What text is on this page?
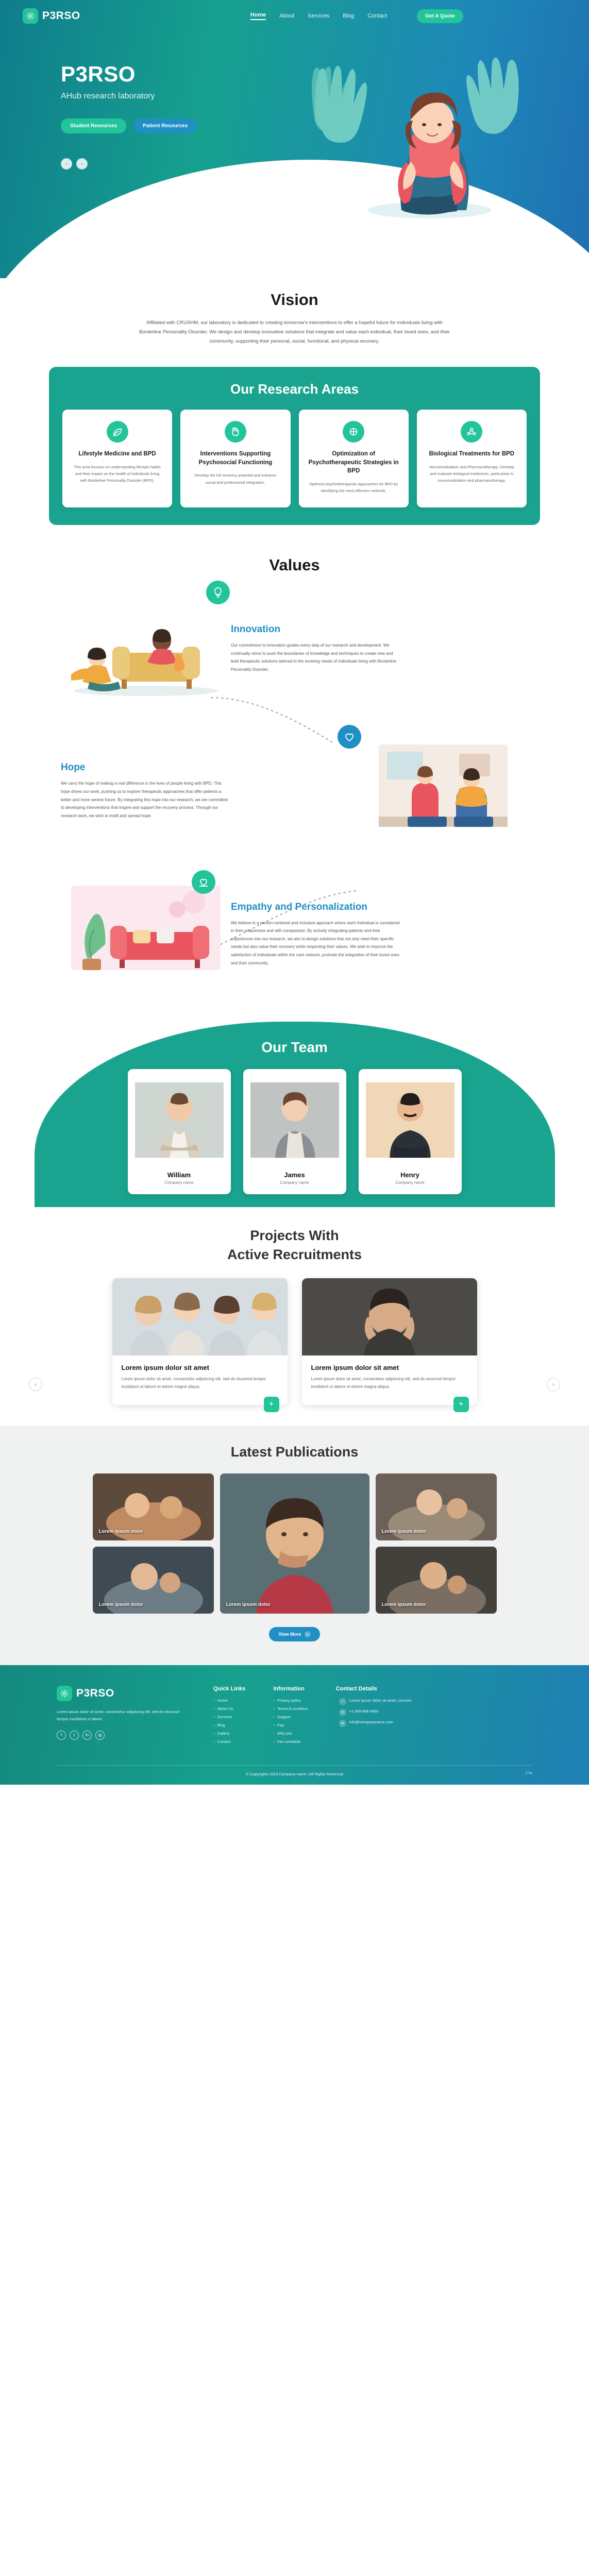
P3RSO	Home About Services Blog Contact	Get A Quote
P3RSO
AHub research laboratory
Student Resources	Patient Resources
‹	›
Vision

Affiliated with CRUSHM, our laboratory is dedicated to creating tomorrow's interventions to offer a hopeful future for individuals living with Borderline Personality Disorder. We design and develop innovative solutions that integrate and value each individual, their loved ones, and their community, supporting their personal, social, functional, and physical recovery.

Our Research Areas
Lifestyle Medicine and BPD

This area focuses on understanding lifestyle habits and their impact on the health of individuals living with Borderline Personality Disorder (BPD).

Interventions Supporting Psychosocial Functioning

Develop the full recovery potential and enhance social and professional integration.

Optimization of Psychotherapeutic Strategies in BPD

Optimize psychotherapeutic approaches for BPD by identifying the most effective methods.

Biological Treatments for BPD

Neuromodulation and Pharmacotherapy. Develop and evaluate biological treatments, particularly in neuromodulation and pharmacotherapy.

Values
Innovation

Our commitment to innovation guides every step of our research and development. We continually strive to push the boundaries of knowledge and techniques to create new and bold therapeutic solutions tailored to the evolving needs of individuals living with Borderline Personality Disorder.

Hope

We carry the hope of making a real difference in the lives of people living with BPD. This hope drives our work, pushing us to explore therapeutic approaches that offer patients a better and more serene future. By integrating this hope into our research, we are committed to developing interventions that inspire and support the recovery process. Through our research work, we wish to instill and spread hope.

Empathy and Personalization

We believe in a person-centered and inclusive approach where each individual is considered in their uniqueness and with compassion. By actively integrating patients and their experiences into our research, we aim to design solutions that not only meet their specific needs but also value their recovery while respecting their values. We wish to improve the satisfaction of individuals within the care network, promote the integration of their loved ones and their community.

‹	›
Our Team
William
Company name
James
Company name
Henry
Company name
Projects With
Active Recruitments
‹	›
Lorem ipsum dolor sit amet

Lorem ipsum dolor sit amet, consectetur adipiscing elit, sed do eiusmod tempor incididunt ut labore et dolore magna aliqua.

+
Lorem ipsum dolor sit amet

Lorem ipsum dolor sit amet, consectetur adipiscing elit, sed do eiusmod tempor incididunt ut labore et dolore magna aliqua.

+
Latest Publications
Lorem ipsum dolor
Lorem ipsum dolor	Lorem ipsum dolor
Lorem ipsum dolor
Lorem ipsum dolor
View More	›
P3RSO

Lorem ipsum dolor sit amet, consectetur adipiscing elit, sed do eiusmod tempor incididunt ut labore.

f	t	in	ig
Quick Links
› Home
› About Us
› Services
› Blog
› Gallery
› Contact
Information
› Privacy policy
› Terms & condition
› Support
› Faq
› Why join
› Fee schedule
Contact Details
⌖	Lorem ipsum dolor sit amet, conseer
✆	+1 999 888 6666
✉	info@companyname.com
© Copyrights 2023 Company name | All Rights Reserved	CTA
